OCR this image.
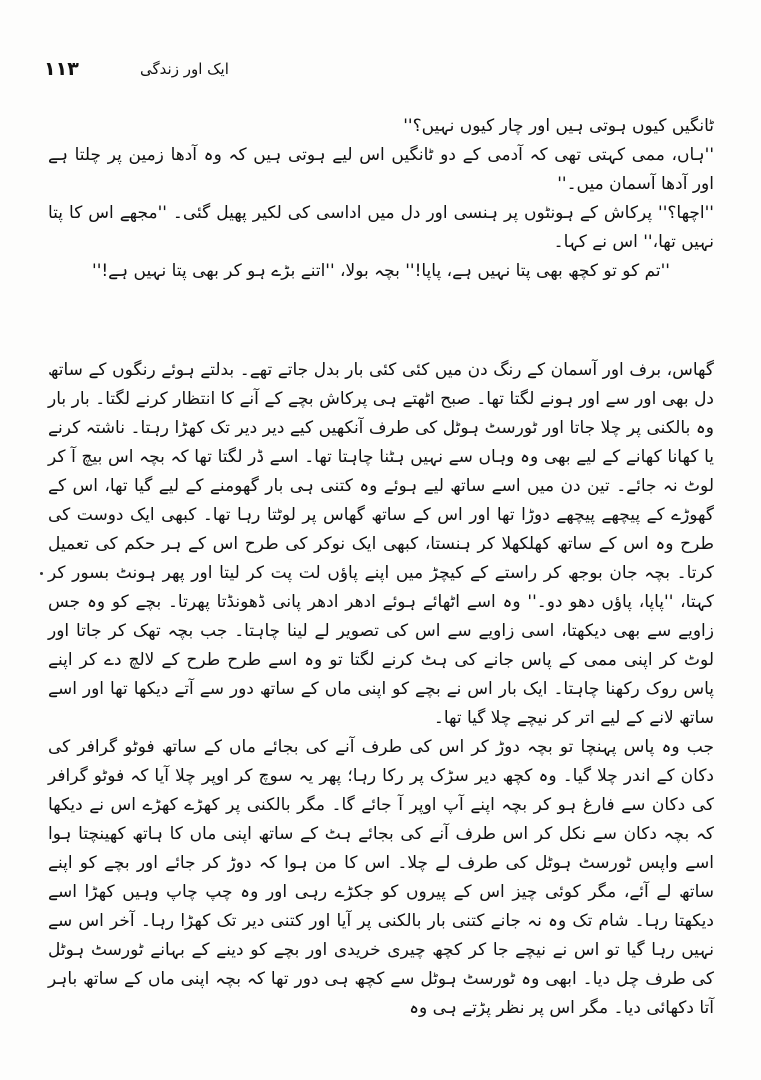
١١٣	ایک اور زندگی

ٹانگیں کیوں ہوتی ہیں اور چار کیوں نہیں؟''

''ہاں، ممی کہتی تھی کہ آدمی کے دو ٹانگیں اس لیے ہوتی ہیں کہ وہ آدھا زمین پر چلتا ہے اور آدھا آسمان میں۔''

''اچھا؟'' پرکاش کے ہونٹوں پر ہنسی اور دل میں اداسی کی لکیر پھیل گئی۔ ''مجھے اس کا پتا نہیں تھا،'' اس نے کہا۔

''تم کو تو کچھ بھی پتا نہیں ہے، پاپا!'' بچہ بولا، ''اتنے بڑے ہو کر بھی پتا نہیں ہے!''

گھاس، برف اور آسمان کے رنگ دن میں کئی کئی بار بدل جاتے تھے۔ بدلتے ہوئے رنگوں کے ساتھ دل بھی اور سے اور ہونے لگتا تھا۔ صبح اٹھتے ہی پرکاش بچے کے آنے کا انتظار کرنے لگتا۔ بار بار وہ بالکنی پر چلا جاتا اور ٹورسٹ ہوٹل کی طرف آنکھیں کیے دیر دیر تک کھڑا رہتا۔ ناشتہ کرنے یا کھانا کھانے کے لیے بھی وہ وہاں سے نہیں ہٹنا چاہتا تھا۔ اسے ڈر لگتا تھا کہ بچہ اس بیچ آ کر لوٹ نہ جائے۔ تین دن میں اسے ساتھ لیے ہوئے وہ کتنی ہی بار گھومنے کے لیے گیا تھا، اس کے گھوڑے کے پیچھے پیچھے دوڑا تھا اور اس کے ساتھ گھاس پر لوٹتا رہا تھا۔ کبھی ایک دوست کی طرح وہ اس کے ساتھ کھلکھلا کر ہنستا، کبھی ایک نوکر کی طرح اس کے ہر حکم کی تعمیل کرتا۔ بچہ جان بوجھ کر راستے کے کیچڑ میں اپنے پاؤں لت پت کر لیتا اور پھر ہونٹ بسور کر کہتا، ''پاپا، پاؤں دھو دو۔'' وہ اسے اٹھائے ہوئے ادھر ادھر پانی ڈھونڈتا پھرتا۔ بچے کو وہ جس زاویے سے بھی دیکھتا، اسی زاویے سے اس کی تصویر لے لینا چاہتا۔ جب بچہ تھک کر جاتا اور لوٹ کر اپنی ممی کے پاس جانے کی ہٹ کرنے لگتا تو وہ اسے طرح طرح کے لالچ دے کر اپنے پاس روک رکھنا چاہتا۔ ایک بار اس نے بچے کو اپنی ماں کے ساتھ دور سے آتے دیکھا تھا اور اسے ساتھ لانے کے لیے اتر کر نیچے چلا گیا تھا۔

جب وہ پاس پہنچا تو بچہ دوڑ کر اس کی طرف آنے کی بجائے ماں کے ساتھ فوٹو گرافر کی دکان کے اندر چلا گیا۔ وہ کچھ دیر سڑک پر رکا رہا؛ پھر یہ سوچ کر اوپر چلا آیا کہ فوٹو گرافر کی دکان سے فارغ ہو کر بچہ اپنے آپ اوپر آ جائے گا۔ مگر بالکنی پر کھڑے کھڑے اس نے دیکھا کہ بچہ دکان سے نکل کر اس طرف آنے کی بجائے ہٹ کے ساتھ اپنی ماں کا ہاتھ کھینچتا ہوا اسے واپس ٹورسٹ ہوٹل کی طرف لے چلا۔ اس کا من ہوا کہ دوڑ کر جائے اور بچے کو اپنے ساتھ لے آئے، مگر کوئی چیز اس کے پیروں کو جکڑے رہی اور وہ چپ چاپ وہیں کھڑا اسے دیکھتا رہا۔ شام تک وہ نہ جانے کتنی بار بالکنی پر آیا اور کتنی دیر تک کھڑا رہا۔ آخر اس سے نہیں رہا گیا تو اس نے نیچے جا کر کچھ چیری خریدی اور بچے کو دینے کے بہانے ٹورسٹ ہوٹل کی طرف چل دیا۔ ابھی وہ ٹورسٹ ہوٹل سے کچھ ہی دور تھا کہ بچہ اپنی ماں کے ساتھ باہر آتا دکھائی دیا۔ مگر اس پر نظر پڑتے ہی وہ
